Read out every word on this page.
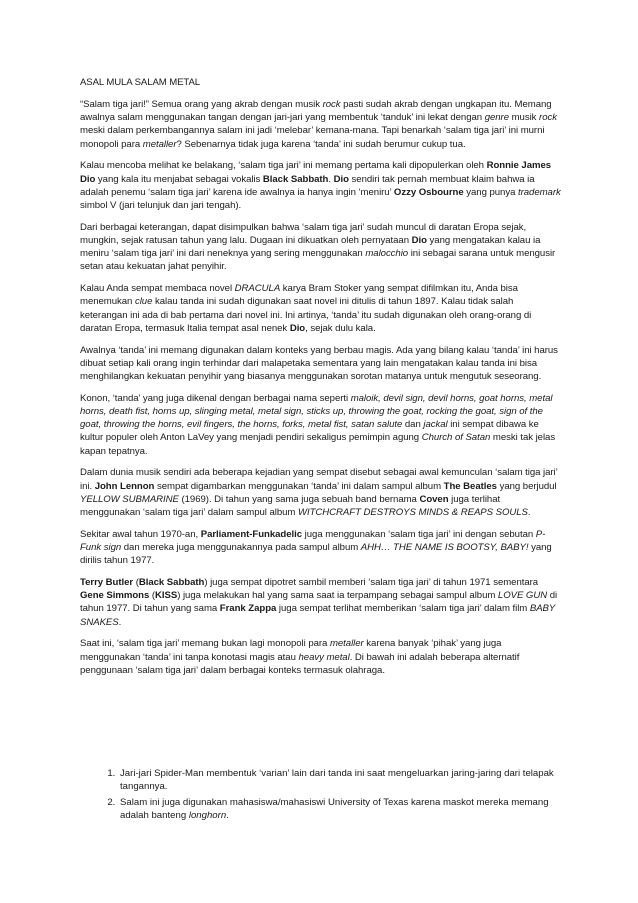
ASAL MULA SALAM METAL

“Salam tiga jari!” Semua orang yang akrab dengan musik rock pasti sudah akrab dengan ungkapan itu. Memang awalnya salam menggunakan tangan dengan jari-jari yang membentuk ‘tanduk’ ini lekat dengan genre musik rock meski dalam perkembangannya salam ini jadi ‘melebar’ kemana-mana. Tapi benarkah ‘salam tiga jari’ ini murni monopoli para metaller? Sebenarnya tidak juga karena ‘tanda’ ini sudah berumur cukup tua.

Kalau mencoba melihat ke belakang, ‘salam tiga jari’ ini memang pertama kali dipopulerkan oleh Ronnie James Dio yang kala itu menjabat sebagai vokalis Black Sabbath. Dio sendiri tak pernah membuat klaim bahwa ia adalah penemu ‘salam tiga jari’ karena ide awalnya ia hanya ingin ‘meniru’ Ozzy Osbourne yang punya trademark simbol V (jari telunjuk dan jari tengah).

Dari berbagai keterangan, dapat disimpulkan bahwa ‘salam tiga jari’ sudah muncul di daratan Eropa sejak, mungkin, sejak ratusan tahun yang lalu. Dugaan ini dikuatkan oleh pernyataan Dio yang mengatakan kalau ia meniru ‘salam tiga jari’ ini dari neneknya yang sering menggunakan malocchio ini sebagai sarana untuk mengusir setan atau kekuatan jahat penyihir.

Kalau Anda sempat membaca novel DRACULA karya Bram Stoker yang sempat difilmkan itu, Anda bisa menemukan clue kalau tanda ini sudah digunakan saat novel ini ditulis di tahun 1897. Kalau tidak salah keterangan ini ada di bab pertama dari novel ini. Ini artinya, ‘tanda’ itu sudah digunakan oleh orang-orang di daratan Eropa, termasuk Italia tempat asal nenek Dio, sejak dulu kala.

Awalnya ‘tanda’ ini memang digunakan dalam konteks yang berbau magis. Ada yang bilang kalau ‘tanda’ ini harus dibuat setiap kali orang ingin terhindar dari malapetaka sementara yang lain mengatakan kalau tanda ini bisa menghilangkan kekuatan penyihir yang biasanya menggunakan sorotan matanya untuk mengutuk seseorang.

Konon, ‘tanda’ yang juga dikenal dengan berbagai nama seperti maloik, devil sign, devil horns, goat horns, metal horns, death fist, horns up, slinging metal, metal sign, sticks up, throwing the goat, rocking the goat, sign of the goat, throwing the horns, evil fingers, the horns, forks, metal fist, satan salute dan jackal ini sempat dibawa ke kultur populer oleh Anton LaVey yang menjadi pendiri sekaligus pemimpin agung Church of Satan meski tak jelas kapan tepatnya.

Dalam dunia musik sendiri ada beberapa kejadian yang sempat disebut sebagai awal kemunculan ‘salam tiga jari’ ini. John Lennon sempat digambarkan menggunakan ‘tanda’ ini dalam sampul album The Beatles yang berjudul YELLOW SUBMARINE (1969). Di tahun yang sama juga sebuah band bernama Coven juga terlihat menggunakan ‘salam tiga jari’ dalam sampul album WITCHCRAFT DESTROYS MINDS & REAPS SOULS.

Sekitar awal tahun 1970-an, Parliament-Funkadelic juga menggunakan ‘salam tiga jari’ ini dengan sebutan P-Funk sign dan mereka juga menggunakannya pada sampul album AHH… THE NAME IS BOOTSY, BABY! yang dirilis tahun 1977.

Terry Butler (Black Sabbath) juga sempat dipotret sambil memberi ‘salam tiga jari’ di tahun 1971 sementara Gene Simmons (KISS) juga melakukan hal yang sama saat ia terpampang sebagai sampul album LOVE GUN di tahun 1977. Di tahun yang sama Frank Zappa juga sempat terlihat memberikan ‘salam tiga jari’ dalam film BABY SNAKES.

Saat ini, ‘salam tiga jari’ memang bukan lagi monopoli para metaller karena banyak ‘pihak’ yang juga menggunakan ‘tanda’ ini tanpa konotasi magis atau heavy metal. Di bawah ini adalah beberapa alternatif penggunaan ‘salam tiga jari’ dalam berbagai konteks termasuk olahraga.

1. Jari-jari Spider-Man membentuk ‘varian’ lain dari tanda ini saat mengeluarkan jaring-jaring dari telapak tangannya.
2. Salam ini juga digunakan mahasiswa/mahasiswi University of Texas karena maskot mereka memang adalah banteng longhorn.
